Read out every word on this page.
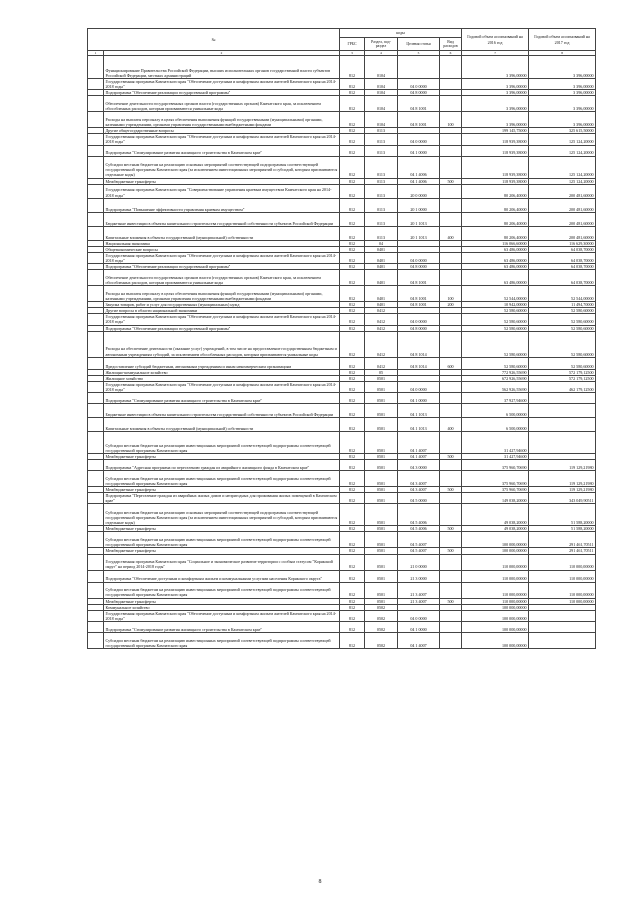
№		коды				Годовой объем ассигнований на 2016 год	Годовой объем ассигнований на 2017 год
		ГРБС	Раздел, под-раздел	Целевая статья	Вид расходов		
1	2	3	4	5	6	7	8
	Функционирование Правительства Российской Федерации, высших исполнительных органов государственной власти субъектов Российской Федерации, местных администраций	812	0104			3 396,00000	3 396,00000
	Государственная программа Камчатского края "Обеспечение доступным и комфортным жильем жителей Камчатского края на 2014-2018 годы"	812	0104	04 0 0000		3 396,00000	3 396,00000
	Подпрограмма "Обеспечение реализации государственной программы"	812	0104	04 8 0000		3 396,00000	3 396,00000
	Обеспечение деятельности государственных органов власти (государственных органов) Камчатского края, за исключением обособленных расходов, которым присваиваются уникальные коды	812	0104	04 8 1001		3 396,00000	3 396,00000
	Расходы на выплаты персоналу в целях обеспечения выполнения функций государственными (муниципальными) органами, казенными учреждениями, органами управления государственными внебюджетными фондами	812	0104	04 8 1001	100	3 396,00000	3 396,00000
	Другие общегосударственные вопросы	812	0113			199 145,75000	325 615,50000
	Государственная программа Камчатского края "Обеспечение доступным и комфортным жильем жителей Камчатского края на 2014-2018 годы"	812	0113	04 0 0000		118 939,38000	125 124,20000
	Подпрограмма "Стимулирование развития жилищного строительства в Камчатском крае"	812	0113	04 1 0000		118 939,38000	125 124,20000
	Субсидии местным бюджетам на реализацию основных мероприятий соответствующей подпрограммы соответствующей государственной программы Камчатского края (за исключением инвестиционных мероприятий и субсидий, которым присваиваются отдельные коды)	812	0113	04 1 4006		118 939,38000	125 124,20000
	Межбюджетные трансферты	812	0113	04 1 4006	500	118 939,38000	125 124,20000
	Государственная программа Камчатского края "Совершенствование управления краевым имуществом Камчатского края на 2014-2018 годы"	812	0113	20 0 0000		80 206,40000	200 481,60000
	Подпрограмма "Повышение эффективности управления краевым имуществом"	812	0113	20 1 0000		80 206,40000	200 481,60000
	Бюджетные инвестиции в объекты капитального строительства государственной собственности субъектов Российской Федерации	812	0113	20 1 1013		80 206,40000	200 481,60000
	Капитальные вложения в объекты государственной (муниципальной) собственности	812	0113	20 1 1013	400	80 206,40000	200 481,60000
	Национальная экономика	812	04			116 066,60000	116 629,30000
	Общеэкономические вопросы	812	0401			63 486,00000	64 038,70000
	Государственная программа Камчатского края "Обеспечение доступным и комфортным жильем жителей Камчатского края на 2014-2018 годы"	812	0401	04 0 0000		63 486,00000	64 038,70000
	Подпрограмма "Обеспечение реализации государственной программы"	812	0401	04 8 0000		63 486,00000	64 038,70000
	Обеспечение деятельности государственных органов власти (государственных органов) Камчатского края, за исключением обособленных расходов, которым присваиваются уникальные коды	812	0401	04 8 1001		63 486,00000	64 038,70000
	Расходы на выплаты персоналу в целях обеспечения выполнения функций государственными (муниципальными) органами, казенными учреждениями, органами управления государственными внебюджетными фондами	812	0401	04 8 1001	100	52 544,00000	52 544,00000
	Закупка товаров, работ и услуг для государственных (муниципальных) нужд	812	0401	04 8 1001	200	10 942,00000	11 494,70000
	Другие вопросы в области национальной экономики	812	0412			52 580,60000	52 580,60000
	Государственная программа Камчатского края "Обеспечение доступным и комфортным жильем жителей Камчатского края на 2014-2018 годы"	812	0412	04 0 0000		52 580,60000	52 580,60000
	Подпрограмма "Обеспечение реализации государственной программы"	812	0412	04 8 0000		52 580,60000	52 580,60000
	Расходы на обеспечение деятельности (оказание услуг) учреждений, в том числе на предоставление государственным бюджетным и автономным учреждениям субсидий, за исключением обособленных расходов, которым присваиваются уникальные коды	812	0412	04 8 1014		52 580,60000	52 580,60000
	Предоставление субсидий бюджетным, автономным учреждениям и иным некоммерческим организациям	812	0412	04 8 1014	600	52 580,60000	52 580,60000
	Жилищно-коммунальное хозяйство	812	05			772 926,55690	572 179,12500
	Жилищное хозяйство	812	0501			672 926,55690	572 179,12500
	Государственная программа Камчатского края "Обеспечение доступным и комфортным жильем жителей Камчатского края на 2014-2018 годы"	812	0501	04 0 0000		562 926,55690	462 179,12500
	Подпрограмма "Стимулирование развития жилищного строительства в Камчатском крае"	812	0501	04 1 0000		37 927,94600	
	Бюджетные инвестиции в объекты капитального строительства государственной собственности субъектов Российской Федерации	812	0501	04 1 1013		6 500,00000	
	Капитальные вложения в объекты государственной (муниципальной) собственности	812	0501	04 1 1013	400	6 500,00000	
	Субсидии местным бюджетам на реализацию инвестиционных мероприятий соответствующей подпрограммы соответствующей государственной программы Камчатского края	812	0501	04 1 4007		31 427,94600	
	Межбюджетные трансферты	812	0501	04 1 4007	500	31 427,94600	
	Подпрограмма "Адресная программа по переселению граждан из аварийного жилищного фонда в Камчатском крае"	812	0501	04 3 0000		375 960,70690	119 129,21980
	Субсидии местным бюджетам на реализацию инвестиционных мероприятий соответствующей подпрограммы соответствующей государственной программы Камчатского края	812	0501	04 3 4007		375 960,70690	119 129,21980
	Межбюджетные трансферты	812	0501	04 3 4007	500	375 960,70690	119 129,21980
	Подпрограмма "Переселение граждан из аварийных жилых домов и непригодных для проживания жилых помещений в Камчатском крае"	812	0501	04 5 0000		149 038,20000	343 049,90511
	Субсидии местным бюджетам на реализацию основных мероприятий соответствующей подпрограммы соответствующей государственной программы Камчатского края (за исключением инвестиционных мероприятий и субсидий, которым присваиваются отдельные коды)	812	0501	04 5 4006		49 038,20000	51 588,20000
	Межбюджетные трансферты	812	0501	04 5 4006	500	49 038,20000	51 588,20000
	Субсидии местным бюджетам на реализацию инвестиционных мероприятий соответствующей подпрограммы соответствующей государственной программы Камчатского края	812	0501	04 5 4007		100 000,00000	291 461,70511
	Межбюджетные трансферты	812	0501	04 5 4007	500	100 000,00000	291 461,70511
	Государственная программа Камчатского края "Социальное и экономическое развитие территории с особым статусом "Корякский округ" на период 2014-2018 годы"	812	0501	21 0 0000		110 000,00000	110 000,00000
	Подпрограмма "Обеспечение доступным и комфортным жильем и коммунальными услугами населения Корякского округа"	812	0501	21 3 0000		110 000,00000	110 000,00000
	Субсидии местным бюджетам на реализацию инвестиционных мероприятий соответствующей подпрограммы соответствующей государственной программы Камчатского края	812	0501	21 3 4007		110 000,00000	110 000,00000
	Межбюджетные трансферты	812	0501	21 3 4007	500	110 000,00000	110 000,00000
	Коммунальное хозяйство	812	0502			100 000,00000	
	Государственная программа Камчатского края "Обеспечение доступным и комфортным жильем жителей Камчатского края на 2014-2018 годы"	812	0502	04 0 0000		100 000,00000	
	Подпрограмма "Стимулирование развития жилищного строительства в Камчатском крае"	812	0502	04 1 0000		100 000,00000	
	Субсидии местным бюджетам на реализацию инвестиционных мероприятий соответствующей подпрограммы соответствующей государственной программы Камчатского края	812	0502	04 1 4007		100 000,00000	
8
